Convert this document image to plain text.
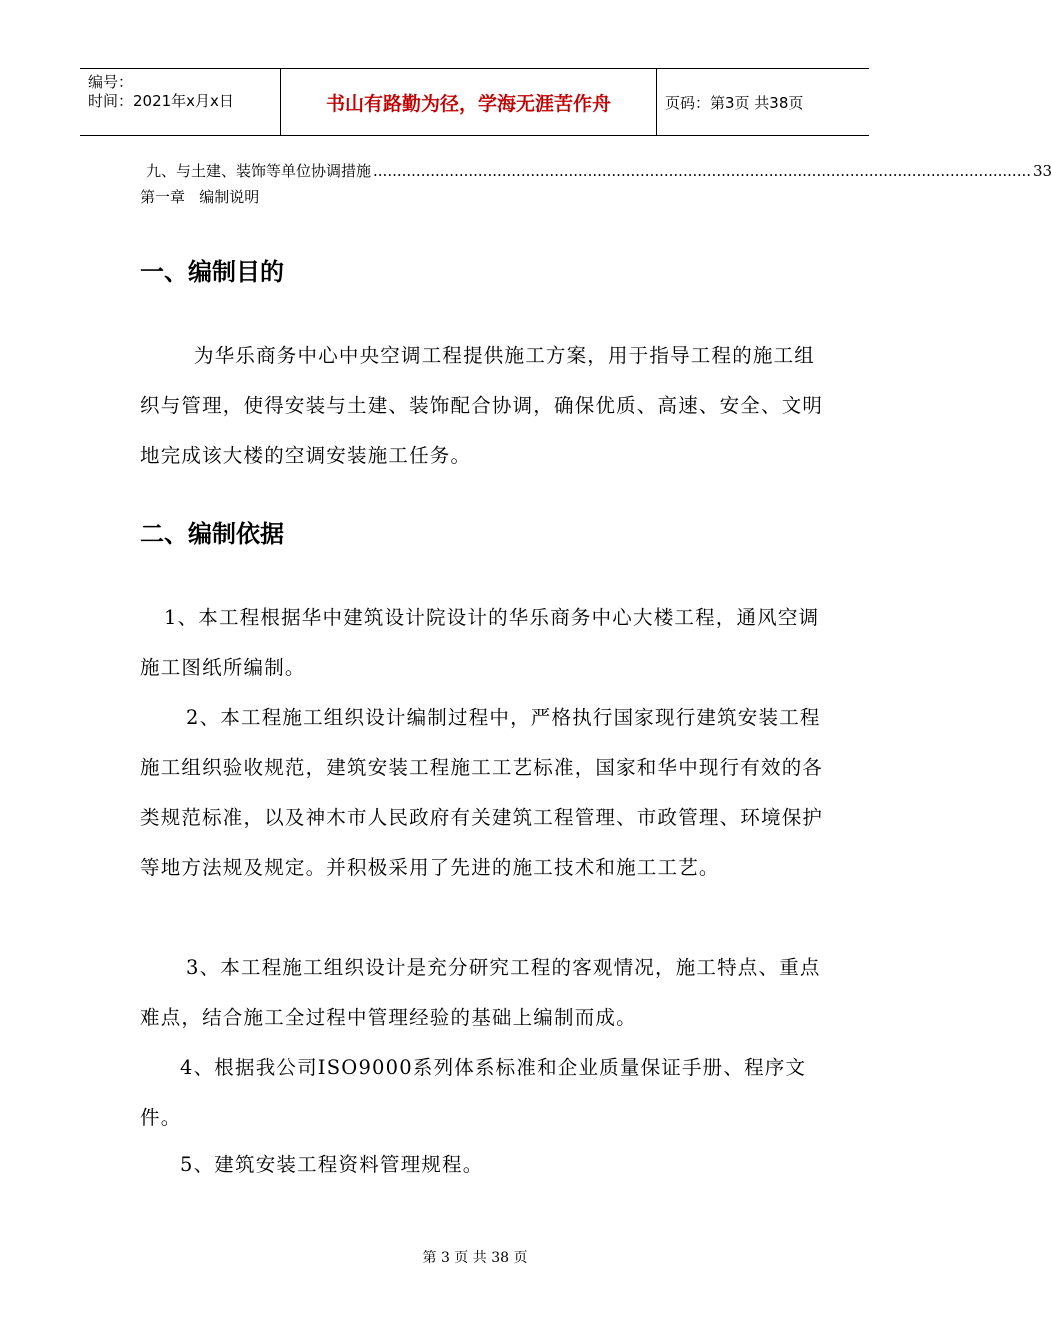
编号：
时间：2021年x月x日	书山有路勤为径，学海无涯苦作舟	页码：第3页 共38页
九、与土建、装饰等单位协调措施 .......................................................................................................................................... 33
第一章   编制说明
一、编制目的

为华乐商务中心中央空调工程提供施工方案，用于指导工程的施工组织与管理，使得安装与土建、装饰配合协调，确保优质、高速、安全、文明地完成该大楼的空调安装施工任务。

二、编制依据

1、本工程根据华中建筑设计院设计的华乐商务中心大楼工程，通风空调施工图纸所编制。

2、本工程施工组织设计编制过程中，严格执行国家现行建筑安装工程施工组织验收规范，建筑安装工程施工工艺标准，国家和华中现行有效的各类规范标准，以及神木市人民政府有关建筑工程管理、市政管理、环境保护等地方法规及规定。并积极采用了先进的施工技术和施工工艺。

3、本工程施工组织设计是充分研究工程的客观情况，施工特点、重点难点，结合施工全过程中管理经验的基础上编制而成。

4、根据我公司ISO9000系列体系标准和企业质量保证手册、程序文件。

5、建筑安装工程资料管理规程。

第 3 页 共 38 页
